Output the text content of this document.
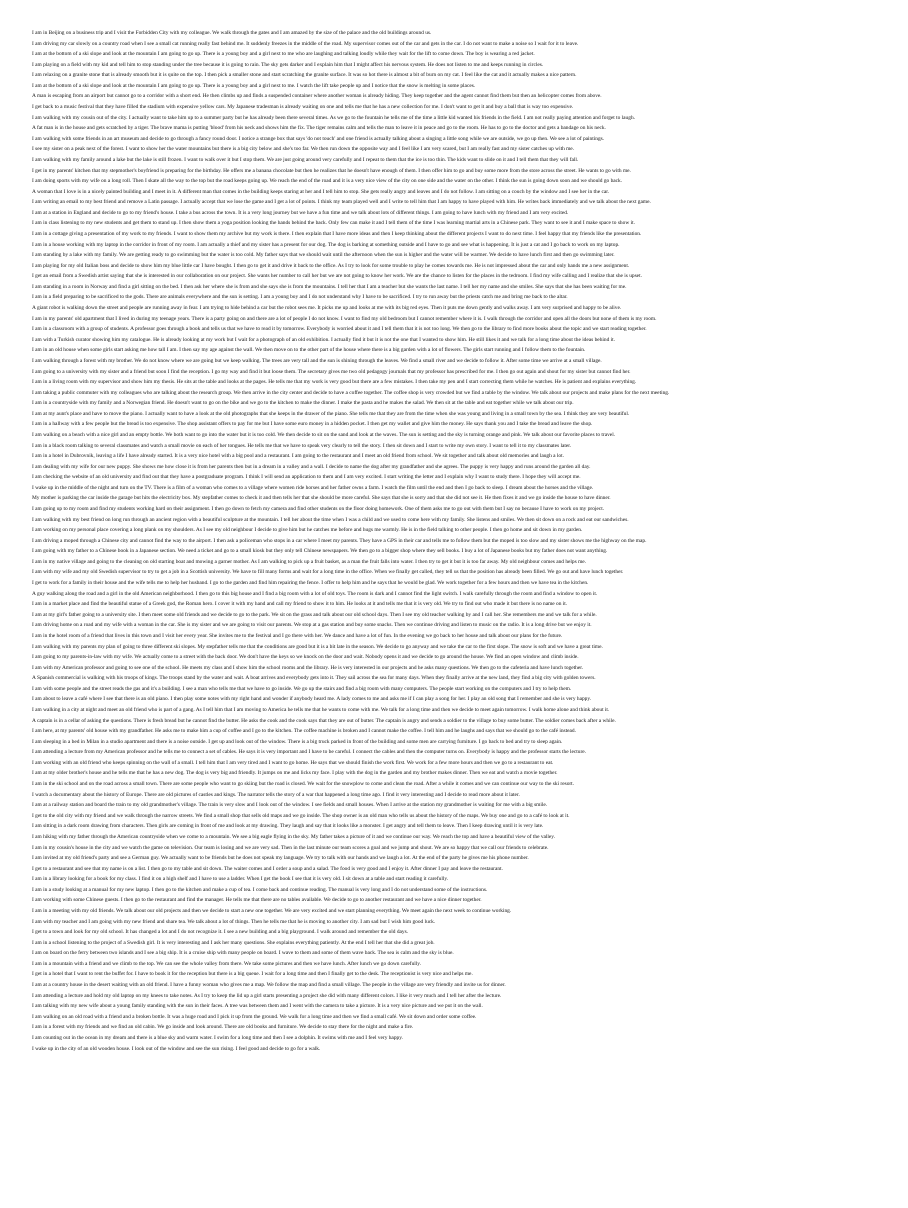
I am in Beijing on a business trip and I visit the Forbidden City with my colleague. We walk through the gates and I am amazed by the size of the palace and the old buildings around us.
I am driving my car slowly on a country road when I see a small cat running really fast behind me. It suddenly freezes in the middle of the road. My supervisor comes out of the car and gets in the car. I do not want to make a noise so I wait for it to leave.
I am at the bottom of a ski slope and look at the mountain I am going to go up. There is a young boy and a girl next to me who are laughing and talking loudly while they wait for the lift to come down. The boy is wearing a red jacket.
I am playing on a field with my kid and tell him to stop standing under the tree because it is going to rain. The sky gets darker and I explain him that I might affect his nervous system. He does not listen to me and keeps running in circles.
I am relaxing on a granite stone that is already smooth but it is quite on the top. I then pick a smaller stone and start scratching the granite surface. It was so hot there is almost a bit of burn on my cat. I feel like the cat and it actually makes a nice pattern.
I am at the bottom of a ski slope and look at the mountain I am going to go up. There is a young boy and a girl next to me. I watch the lift take people up and I notice that the snow is melting in some places.
A man is escaping from an airport but cannot go to a corridor with a short end. He then climbs up and finds a suspended container where another woman is already hiding. They keep together and the agent cannot find them but then an helicopter comes from above.
I get back to a music festival that they have filled the stadium with expensive yellow cars. My Japanese tradesman is already waiting on one and tells me that he has a new collection for me. I don't want to get it and buy a ball that is way too expensive.
I am walking with my cousin out of the city. I actually want to take him up to a summer party but he has already been there several times. As we go to the fountain he tells me of the time a little kid wanted his friends in the field. I am not really paying attention and forget to laugh.
A fat man is in the house and gets scratched by a tiger. The brave mama is putting 'blood' from his neck and shows him the fix. The tiger remains calm and tells the man to leave it in peace and go to the room. He has to go to the doctor and gets a bandage on his neck.
I am walking with some friends in an art museum and decide to go through a fancy round door. I notice a strange box that says 'do not touch' and one friend is actually talking about a singing a little song while we are outside, we go up then. We see a lot of paintings.
I see my sister on a peak next of the forest. I want to show her the water mountains but there is a big city below and she's too far. We then run down the opposite way and I feel like I am very scared, but I am really fast and my sister catches up with me.
I am walking with my family around a lake but the lake is still frozen. I want to walk over it but I stop them. We are just going around very carefully and I repeat to them that the ice is too thin. The kids want to slide on it and I tell them that they will fall.
I get in my parents' kitchen that my stepmother's boyfriend is preparing for the birthday. He offers me a banana chocolate but then he realizes that he doesn't have enough of them. I then offer him to go and buy some more from the store across the street. He wants to go with me.
I am doing sports with my wife on a long roll. Then I skate all the way to the top but the road keeps going up. We reach the end of the road and it is a very nice view of the city on one side and the water on the other. I think the sun is going down soon and we should go back.
A woman that I love is in a nicely painted building and I meet in it. A different man that comes in the building keeps staring at her and I tell him to stop. She gets really angry and leaves and I do not follow. I am sitting on a couch by the window and I see her in the car.
I am writing an email to my best friend and remove a Latin passage. I actually accept that we lose the game and I get a lot of points. I think my team played well and I write to tell him that I am happy to have played with him. He writes back immediately and we talk about the next game.
I am at a station in England and decide to go to my friend's house. I take a bus across the town. It is a very long journey but we have a fun time and we talk about lots of different things. I am going to have lunch with my friend and I am very excited.
I am in class listening to my new students and get them to stand up. I then show them a yoga position looking the hands behind the back. Only few can make it and I tell them of the time I was learning martial arts in a Chinese park. They want to see it and I make space to show it.
I am in a cottage giving a presentation of my work to my friends. I want to show them my archive but my work is there. I then explain that I have more ideas and then I keep thinking about the different projects I want to do next time. I feel happy that my friends like the presentation.
I am in a house working with my laptop in the corridor in front of my room. I am actually a thief and my sister has a present for our dog. The dog is barking at something outside and I have to go and see what is happening. It is just a cat and I go back to work on my laptop.
I am standing by a lake with my family. We are getting ready to go swimming but the water is too cold. My father says that we should wait until the afternoon when the sun is higher and the water will be warmer. We decide to have lunch first and then go swimming later.
I am playing for my old Italian boss and decide to show him my blue little car I have bought. I then go to get it and drive it back to the office. As I try to look for some trouble to play he comes towards me. He is not impressed about the car and only hands me a new assignment.
I get an email from a Swedish artist saying that she is interested in our collaboration on our project. She wants her number to call her but we are not going to know her work. We are the chance to listen for the places in the tedroom. I find my wife calling and I realize that she is upset.
I am standing in a room in Norway and find a girl sitting on the bed. I then ask her where she is from and she says she is from the mountains. I tell her that I am a teacher but she wants the last name. I tell her my name and she smiles. She says that she has been waiting for me.
I am in a field preparing to be sacrificed to the gods. There are animals everywhere and the sun is setting. I am a young boy and I do not understand why I have to be sacrificed. I try to run away but the priests catch me and bring me back to the altar.
A giant robot is walking down the street and people are running away in fear. I am trying to hide behind a car but the robot sees me. It picks me up and looks at me with its big red eyes. Then it puts me down gently and walks away. I am very surprised and happy to be alive.
I am in my parents' old apartment that I lived in during my teenage years. There is a party going on and there are a lot of people I do not know. I want to find my old bedroom but I cannot remember where it is. I walk through the corridor and open all the doors but none of them is my room.
I am in a classroom with a group of students. A professor goes through a book and tells us that we have to read it by tomorrow. Everybody is worried about it and I tell them that it is not too long. We then go to the library to find more books about the topic and we start reading together.
I am with a Turkish curator showing him my catalogue. He is already looking at my work but I wait for a photograph of an old exhibition. I actually find it but it is not the one that I wanted to show him. He still likes it and we talk for a long time about the ideas behind it.
I am in an old house when some girls start asking me how tall I am. I then say my age against the wall. We then move on to the other part of the house where there is a big garden with a lot of flowers. The girls start running and I follow them to the fountain.
I am walking through a forest with my brother. We do not know where we are going but we keep walking. The trees are very tall and the sun is shining through the leaves. We find a small river and we decide to follow it. After some time we arrive at a small village.
I am going to a university with my sister and a friend but soon I find the reception. I go my way and find it but loose them. The secretary gives me two old pedagogy journals that my professor has prescribed for me. I then go out again and shout for my sister but cannot find her.
I am in a living room with my supervisor and show him my thesis. He sits at the table and looks at the pages. He tells me that my work is very good but there are a few mistakes. I then take my pen and I start correcting them while he watches. He is patient and explains everything.
I am taking a public commuter with my colleagues who are talking about the research group. We then arrive in the city center and decide to have a coffee together. The coffee shop is very crowded but we find a table by the window. We talk about our projects and make plans for the next meeting.
I am in a countryside with my family and a Norwegian friend. He doesn't want to go on the bike and we go to the kitchen to make the dinner. I make the pasta and he makes the salad. We then sit at the table and eat together while we talk about our trip.
I am at my aunt's place and have to move the piano. I actually want to have a look at the old photographs that she keeps in the drawer of the piano. She tells me that they are from the time when she was young and living in a small town by the sea. I think they are very beautiful.
I am in a hallway with a few people but the bread is too expensive. The shop assistant offers to pay for me but I have some euro money in a hidden pocket. I then get my wallet and give him the money. He says thank you and I take the bread and leave the shop.
I am walking on a beach with a nice girl and an empty bottle. We both want to go into the water but it is too cold. We then decide to sit on the sand and look at the waves. The sun is setting and the sky is turning orange and pink. We talk about our favorite places to travel.
I am in a black room talking to several classmates and watch a small movie on each of her tongues. He tells me that we have to speak very clearly to tell the story. I then sit down and I start to write my own story. I want to tell it to my classmates later.
I am in a hotel in Dubrovnik, leaving a life I have already started. It is a very nice hotel with a big pool and a restaurant. I am going to the restaurant and I meet an old friend from school. We sit together and talk about old memories and laugh a lot.
I am dealing with my wife for our new puppy. She shows me how close it is from her parents then but in a dream in a valley and a wall. I decide to name the dog after my grandfather and she agrees. The puppy is very happy and runs around the garden all day.
I am checking the website of an old university and find out that they have a postgraduate program. I think I will send an application to them and I am very excited. I start writing the letter and I explain why I want to study there. I hope they will accept me.
I wake up in the middle of the night and turn on the TV. There is a film of a woman who comes to a village where women ride horses and her father owns a farm. I watch the film until the end and then I go back to sleep. I dream about the horses and the village.
My mother is parking the car inside the garage but hits the electricity box. My stepfather comes to check it and then tells her that she should be more careful. She says that she is sorry and that she did not see it. He then fixes it and we go inside the house to have dinner.
I am going up to my room and find my students working hard on their assignment. I then go down to fetch my camera and find other students on the floor doing homework. One of them asks me to go out with them but I say no because I have to work on my project.
I am walking with my best friend on long run through an ancient region with a beautiful sculpture at the mountain. I tell her about the time when I was a child and we used to come here with my family. She listens and smiles. We then sit down on a rock and eat our sandwiches.
I am working on my personal place covering a long plank on my shoulders. As I see my old neighbour I decide to give him but he catches me before and hugs me warmly. He is in the field talking to other people. I then go home and sit down in my garden.
I am driving a moped through a Chinese city and cannot find the way to the airport. I then ask a policeman who stops in a car where I meet my parents. They have a GPS in their car and tells me to follow them but the moped is too slow and my sister shows me the highway on the map.
I am going with my father to a Chinese book in a Japanese section. We need a ticket and go to a small kiosk but they only tell Chinese newspapers. We then go to a bigger shop where they sell books. I buy a lot of Japanese books but my father does not want anything.
I am in my native village and going to the cleaning on old starting boat and mowing a garner mother. As I am walking to pick up a fruit basket, as a man the fruit falls into water. I then try to get it but it is too far away. My old neighbour comes and helps me.
I am with my wife and my old Swedish supervisor to try to get a job in a Scottish university. We have to fill many forms and wait for a long time in the office. When we finally get called, they tell us that the position has already been filled. We go out and have lunch together.
I get to work for a family in their house and the wife tells me to help her husband. I go to the garden and find him repairing the fence. I offer to help him and he says that he would be glad. We work together for a few hours and then we have tea in the kitchen.
A guy walking along the road and a girl in the old American neighborhood. I then go to this big house and I find a big room with a lot of old toys. The room is dark and I cannot find the light switch. I walk carefully through the room and find a window to open it.
I am in a market place and find the beautiful statue of a Greek god, the Roman hero. I cover it with my hand and call my friend to show it to him. He looks at it and tells me that it is very old. We try to find out who made it but there is no name on it.
I am at my girl's father going to a university site. I then meet some old friends and we decide to go to the park. We sit on the grass and talk about our old school days. Then I see my old teacher walking by and I call her. She remembers me and we talk for a while.
I am driving home on a road and my wife with a woman in the car. She is my sister and we are going to visit our parents. We stop at a gas station and buy some snacks. Then we continue driving and listen to music on the radio. It is a long drive but we enjoy it.
I am in the hotel room of a friend that lives in this town and I visit her every year. She invites me to the festival and I go there with her. We dance and have a lot of fun. In the evening we go back to her house and talk about our plans for the future.
I am walking with my parents my plan of going to three different ski slopes. My stepfather tells me that the conditions are good but it is a bit late in the season. We decide to go anyway and we take the car to the first slope. The snow is soft and we have a great time.
I am going to my parents-in-law with my wife. We actually come to a street with the back door. We don't have the keys so we knock on the door and wait. Nobody opens it and we decide to go around the house. We find an open window and climb inside.
I am with my American professor and going to see one of the school. He meets my class and I show him the school rooms and the library. He is very interested in our projects and he asks many questions. We then go to the cafeteria and have lunch together.
A Spanish commercial is walking with his troops of kings. The troops stand by the water and wait. A boat arrives and everybody gets into it. They sail across the sea for many days. When they finally arrive at the new land, they find a big city with golden towers.
I am with some people and the street reads the gas and it's a building. I see a man who tells me that we have to go inside. We go up the stairs and find a big room with many computers. The people start working on the computers and I try to help them.
I am about to leave a café where I see that there is an old piano. I then play some notes with my right hand and wonder if anybody heard me. A lady comes to me and asks me if I can play a song for her. I play an old song that I remember and she is very happy.
I am walking in a city at night and meet an old friend who is part of a gang. As I tell him that I am moving to America he tells me that he wants to come with me. We talk for a long time and then we decide to meet again tomorrow. I walk home alone and think about it.
A captain is in a cellar of asking the questions. There is fresh bread but he cannot find the butter. He asks the cook and the cook says that they are out of butter. The captain is angry and sends a soldier to the village to buy some butter. The soldier comes back after a while.
I am here, at my parents' old house with my grandfather. He asks me to make him a cup of coffee and I go to the kitchen. The coffee machine is broken and I cannot make the coffee. I tell him and he laughs and says that we should go to the café instead.
I am sleeping in a bed in Milan in a studio apartment and there is a noise outside. I get up and look out of the window. There is a big truck parked in front of the building and some men are carrying furniture. I go back to bed and try to sleep again.
I am attending a lecture from my American professor and he tells me to connect a set of cables. He says it is very important and I have to be careful. I connect the cables and then the computer turns on. Everybody is happy and the professor starts the lecture.
I am working with an old friend who keeps spinning on the wall of a small. I tell him that I am very tired and I want to go home. He says that we should finish the work first. We work for a few more hours and then we go to a restaurant to eat.
I am at my older brother's house and he tells me that he has a new dog. The dog is very big and friendly. It jumps on me and licks my face. I play with the dog in the garden and my brother makes dinner. Then we eat and watch a movie together.
I am in the ski school and on the road across a small town. There are some people who want to go skiing but the road is closed. We wait for the snowplow to come and clean the road. After a while it comes and we can continue our way to the ski resort.
I watch a documentary about the history of Europe. There are old pictures of castles and kings. The narrator tells the story of a war that happened a long time ago. I find it very interesting and I decide to read more about it later.
I am at a railway station and board the train to my old grandmother's village. The train is very slow and I look out of the window. I see fields and small houses. When I arrive at the station my grandmother is waiting for me with a big smile.
I get to the old city with my friend and we walk through the narrow streets. We find a small shop that sells old maps and we go inside. The shop owner is an old man who tells us about the history of the maps. We buy one and go to a café to look at it.
I am sitting in a dark room drawing from characters. Then girls are coming in front of me and look at my drawing. They laugh and say that it looks like a monster. I get angry and tell them to leave. Then I keep drawing until it is very late.
I am hiking with my father through the American countryside when we come to a mountain. We see a big eagle flying in the sky. My father takes a picture of it and we continue our way. We reach the top and have a beautiful view of the valley.
I am in my cousin's house in the city and we watch the game on television. Our team is losing and we are very sad. Then in the last minute our team scores a goal and we jump and shout. We are so happy that we call our friends to celebrate.
I am invited at my old friend's party and see a German guy. We actually want to be friends but he does not speak my language. We try to talk with our hands and we laugh a lot. At the end of the party he gives me his phone number.
I get to a restaurant and see that my name is on a list. I then go to my table and sit down. The waiter comes and I order a soup and a salad. The food is very good and I enjoy it. After dinner I pay and leave the restaurant.
I am in a library looking for a book for my class. I find it on a high shelf and I have to use a ladder. When I get the book I see that it is very old. I sit down at a table and start reading it carefully.
I am in a study looking at a manual for my new laptop. I then go to the kitchen and make a cup of tea. I come back and continue reading. The manual is very long and I do not understand some of the instructions.
I am working with some Chinese guests. I then go to the restaurant and find the manager. He tells me that there are no tables available. We decide to go to another restaurant and we have a nice dinner together.
I am in a meeting with my old friends. We talk about our old projects and then we decide to start a new one together. We are very excited and we start planning everything. We meet again the next week to continue working.
I am with my teacher and I am going with my new friend and share tea. We talk about a lot of things. Then he tells me that he is moving to another city. I am sad but I wish him good luck.
I get to a town and look for my old school. It has changed a lot and I do not recognize it. I see a new building and a big playground. I walk around and remember the old days.
I am in a school listening to the project of a Swedish girl. It is very interesting and I ask her many questions. She explains everything patiently. At the end I tell her that she did a great job.
I am on board on the ferry between two islands and I see a big ship. It is a cruise ship with many people on board. I wave to them and some of them wave back. The sea is calm and the sky is blue.
I am in a mountain with a friend and we climb to the top. We can see the whole valley from there. We take some pictures and then we have lunch. After lunch we go down carefully.
I get in a hotel that I want to rent the buffet for. I have to book it for the reception but there is a big queue. I wait for a long time and then I finally get to the desk. The receptionist is very nice and helps me.
I am at a country house in the desert waiting with an old friend. I have a funny woman who gives me a map. We follow the map and find a small village. The people in the village are very friendly and invite us for dinner.
I am attending a lecture and hold my old laptop on my knees to take notes. As I try to keep the lid up a girl starts presenting a project she did with many different colors. I like it very much and I tell her after the lecture.
I am talking with my new wife about a young family standing with the sun in their faces. A tree was between them and I went with the camera to take a picture. It is a very nice picture and we put it on the wall.
I am walking on an old road with a friend and a broken bottle. It was a huge road and I pick it up from the ground. We walk for a long time and then we find a small café. We sit down and order some coffee.
I am in a forest with my friends and we find an old cabin. We go inside and look around. There are old books and furniture. We decide to stay there for the night and make a fire.
I am counting out in the ocean in my dream and there is a blue sky and warm water. I swim for a long time and then I see a dolphin. It swims with me and I feel very happy.
I wake up in the city of an old wooden house. I look out of the window and see the sun rising. I feel good and decide to go for a walk.
